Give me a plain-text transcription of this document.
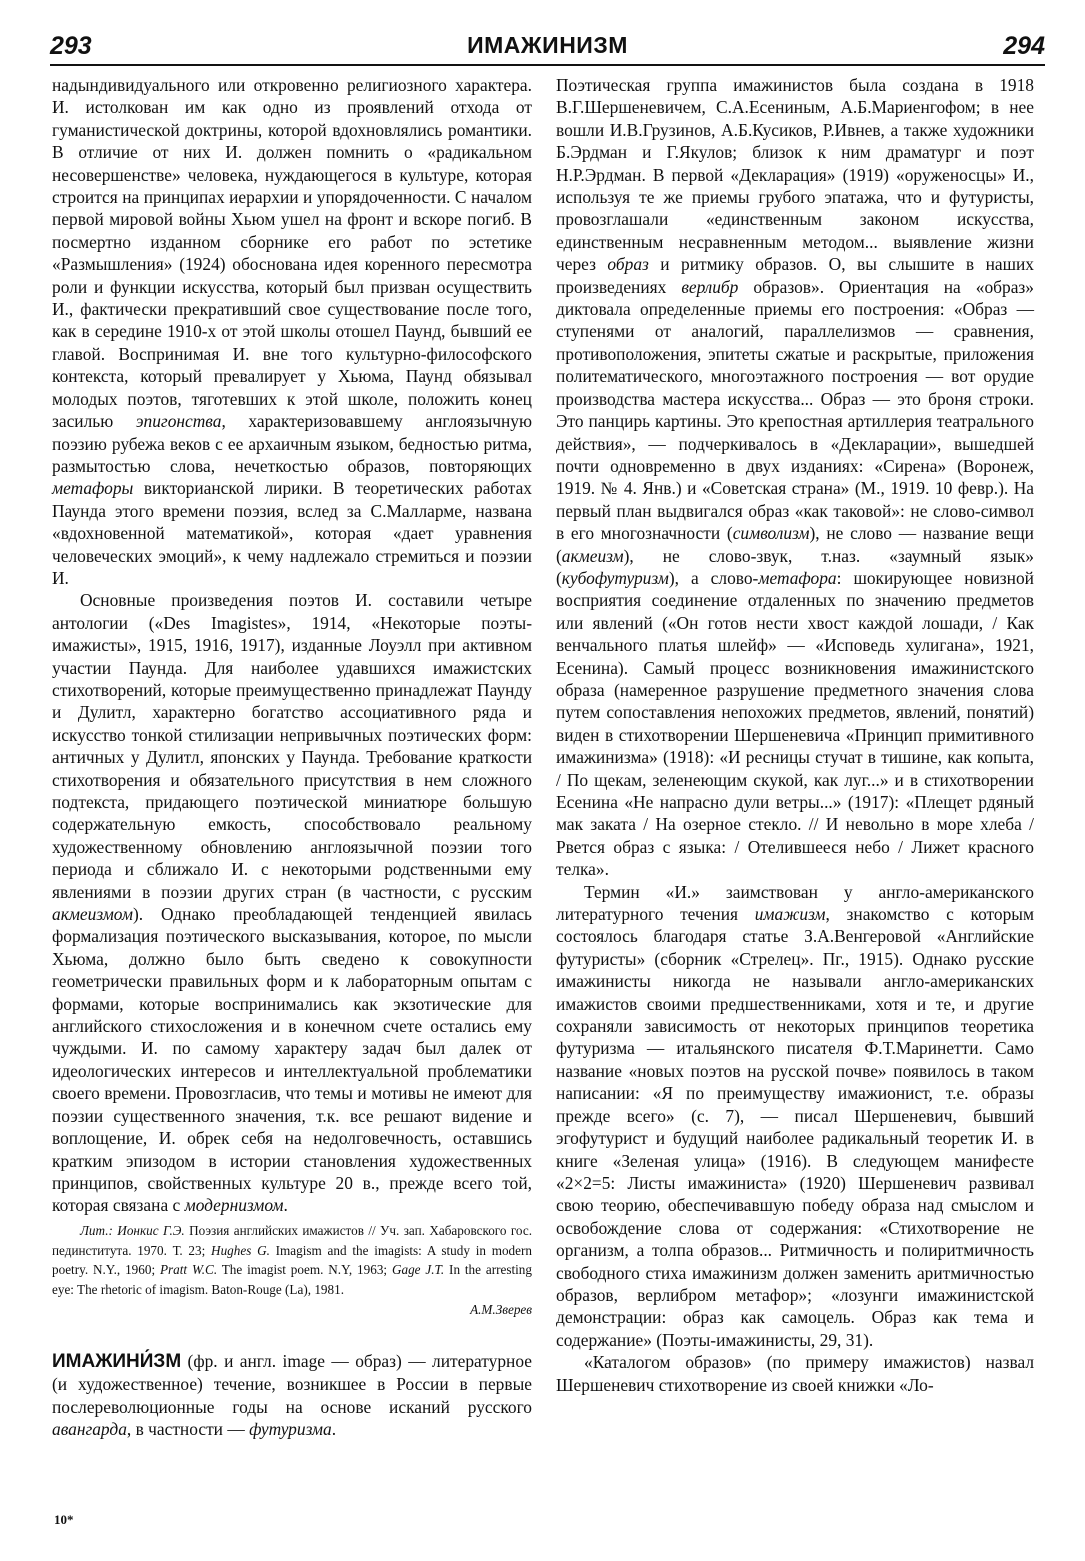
293	ИМАЖИНИЗМ	294

надындивидуального или откровенно религиозного характера. И. истолкован им как одно из проявлений отхода от гуманистической доктрины, которой вдохновлялись романтики. В отличие от них И. должен помнить о «радикальном несовершенстве» человека, нуждающегося в культуре, которая строится на принципах иерархии и упорядоченности. С началом первой мировой войны Хьюм ушел на фронт и вскоре погиб. В посмертно изданном сборнике его работ по эстетике «Размышления» (1924) обоснована идея коренного пересмотра роли и функции искусства, который был призван осуществить И., фактически прекративший свое существование после того, как в середине 1910-х от этой школы отошел Паунд, бывший ее главой. Воспринимая И. вне того культурно-философского контекста, который превалирует у Хьюма, Паунд обязывал молодых поэтов, тяготевших к этой школе, положить конец засилью эпигонства, характеризовавшему англоязычную поэзию рубежа веков с ее архаичным языком, бедностью ритма, размытостью слова, нечеткостью образов, повторяющих метафоры викторианской лирики. В теоретических работах Паунда этого времени поэзия, вслед за С.Малларме, названа «вдохновенной математикой», которая «дает уравнения человеческих эмоций», к чему надлежало стремиться и поэзии И.

Основные произведения поэтов И. составили четыре антологии («Des Imagistes», 1914, «Некоторые поэты-имажисты», 1915, 1916, 1917), изданные Лоуэлл при активном участии Паунда. Для наиболее удавшихся имажистских стихотворений, которые преимущественно принадлежат Паунду и Дулитл, характерно богатство ассоциативного ряда и искусство тонкой стилизации непривычных поэтических форм: античных у Дулитл, японских у Паунда. Требование краткости стихотворения и обязательного присутствия в нем сложного подтекста, придающего поэтической миниатюре большую содержательную емкость, способствовало реальному художественному обновлению англоязычной поэзии того периода и сближало И. с некоторыми родственными ему явлениями в поэзии других стран (в частности, с русским акмеизмом). Однако преобладающей тенденцией явилась формализация поэтического высказывания, которое, по мысли Хьюма, должно было быть сведено к совокупности геометрически правильных форм и к лабораторным опытам с формами, которые воспринимались как экзотические для английского стихосложения и в конечном счете остались ему чуждыми. И. по самому характеру задач был далек от идеологических интересов и интеллектуальной проблематики своего времени. Провозгласив, что темы и мотивы не имеют для поэзии существенного значения, т.к. все решают видение и воплощение, И. обрек себя на недолговечность, оставшись кратким эпизодом в истории становления художественных принципов, свойственных культуре 20 в., прежде всего той, которая связана с модернизмом.

Лит.: Ионкис Г.Э. Поэзия английских имажистов // Уч. зап. Хабаровского гос. пединститута. 1970. Т. 23; Hughes G. Imagism and the imagists: A study in modern poetry. N.Y., 1960; Pratt W.C. The imagist poem. N.Y, 1963; Gage J.T. In the arresting eye: The rhetoric of imagism. Baton-Rouge (La), 1981.
А.М.Зверев

ИМАЖИНИ́ЗМ (фр. и англ. image — образ) — литературное (и художественное) течение, возникшее в России в первые послереволюционные годы на основе исканий русского авангарда, в частности — футуризма.

Поэтическая группа имажинистов была создана в 1918 В.Г.Шершеневичем, С.А.Есениным, А.Б.Мариенгофом; в нее вошли И.В.Грузинов, А.Б.Кусиков, Р.Ивнев, а также художники Б.Эрдман и Г.Якулов; близок к ним драматург и поэт Н.Р.Эрдман. В первой «Декларация» (1919) «оруженосцы» И., используя те же приемы грубого эпатажа, что и футуристы, провозглашали «единственным законом искусства, единственным несравненным методом... выявление жизни через образ и ритмику образов. О, вы слышите в наших произведениях верлибр образов». Ориентация на «образ» диктовала определенные приемы его построения: «Образ — ступенями от аналогий, параллелизмов — сравнения, противоположения, эпитеты сжатые и раскрытые, приложения политематического, многоэтажного построения — вот орудие производства мастера искусства... Образ — это броня строки. Это панцирь картины. Это крепостная артиллерия театрального действия», — подчеркивалось в «Декларации», вышедшей почти одновременно в двух изданиях: «Сирена» (Воронеж, 1919. № 4. Янв.) и «Советская страна» (М., 1919. 10 февр.). На первый план выдвигался образ «как таковой»: не слово-символ в его многозначности (символизм), не слово — название вещи (акмеизм), не слово-звук, т.наз. «заумный язык» (кубофутуризм), а слово-метафора: шокирующее новизной восприятия соединение отдаленных по значению предметов или явлений («Он готов нести хвост каждой лошади, / Как венчального платья шлейф» — «Исповедь хулигана», 1921, Есенина). Самый процесс возникновения имажинистского образа (намеренное разрушение предметного значения слова путем сопоставления непохожих предметов, явлений, понятий) виден в стихотворении Шершеневича «Принцип примитивного имажинизма» (1918): «И ресницы стучат в тишине, как копыта, / По щекам, зеленеющим скукой, как луг...» и в стихотворении Есенина «Не напрасно дули ветры...» (1917): «Плещет рдяный мак заката / На озерное стекло. // И невольно в море хлеба / Рвется образ с языка: / Отелившееся небо / Лижет красного телка».

Термин «И.» заимствован у англо-американского литературного течения имажизм, знакомство с которым состоялось благодаря статье З.А.Венгеровой «Английские футуристы» (сборник «Стрелец». Пг., 1915). Однако русские имажинисты никогда не называли англо-американских имажистов своими предшественниками, хотя и те, и другие сохраняли зависимость от некоторых принципов теоретика футуризма — итальянского писателя Ф.Т.Маринетти. Само название «новых поэтов на русской почве» появилось в таком написании: «Я по преимуществу имажионист, т.е. образы прежде всего» (с. 7), — писал Шершеневич, бывший эгофутурист и будущий наиболее радикальный теоретик И. в книге «Зеленая улица» (1916). В следующем манифесте «2×2=5: Листы имажиниста» (1920) Шершеневич развивал свою теорию, обеспечивавшую победу образа над смыслом и освобождение слова от содержания: «Стихотворение не организм, а толпа образов... Ритмичность и полиритмичность свободного стиха имажинизм должен заменить аритмичностью образов, верлибром метафор»; «лозунги имажинистской демонстрации: образ как самоцель. Образ как тема и содержание» (Поэты-имажинисты, 29, 31).

«Каталогом образов» (по примеру имажистов) назвал Шершеневич стихотворение из своей книжки «Ло-

10*
